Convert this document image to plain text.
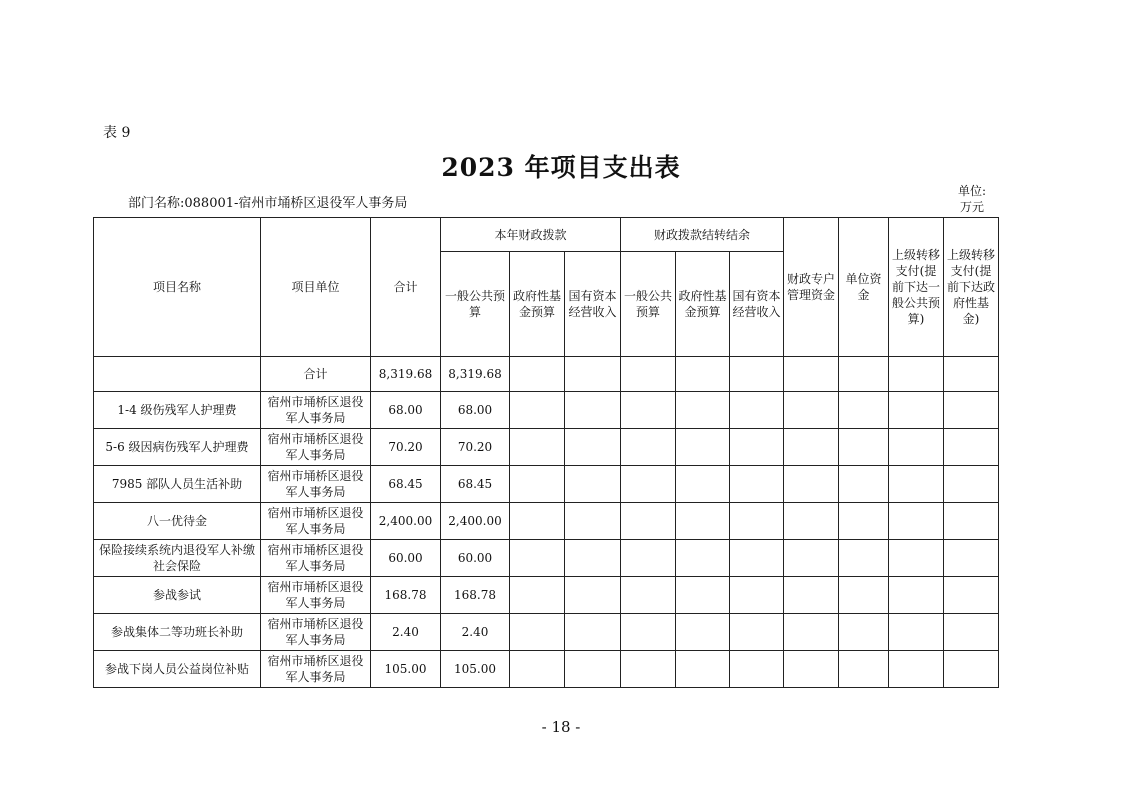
表 9
2023 年项目支出表
部门名称:088001-宿州市埇桥区退役军人事务局
单位:
万元
项目名称	项目单位	合计	本年财政拨款			财政拨款结转结余			财政专户管理资金	单位资金	上级转移支付(提前下达一般公共预算)	上级转移支付(提前下达政府性基金)
			一般公共预算	政府性基金预算	国有资本经营收入	一般公共预算	政府性基金预算	国有资本经营收入				
	合计	8,319.68	8,319.68									
1-4 级伤残军人护理费	宿州市埇桥区退役军人事务局	68.00	68.00									
5-6 级因病伤残军人护理费	宿州市埇桥区退役军人事务局	70.20	70.20									
7985 部队人员生活补助	宿州市埇桥区退役军人事务局	68.45	68.45									
八一优待金	宿州市埇桥区退役军人事务局	2,400.00	2,400.00									
保险接续系统内退役军人补缴社会保险	宿州市埇桥区退役军人事务局	60.00	60.00									
参战参试	宿州市埇桥区退役军人事务局	168.78	168.78									
参战集体二等功班长补助	宿州市埇桥区退役军人事务局	2.40	2.40									
参战下岗人员公益岗位补贴	宿州市埇桥区退役军人事务局	105.00	105.00									
- 18 -
